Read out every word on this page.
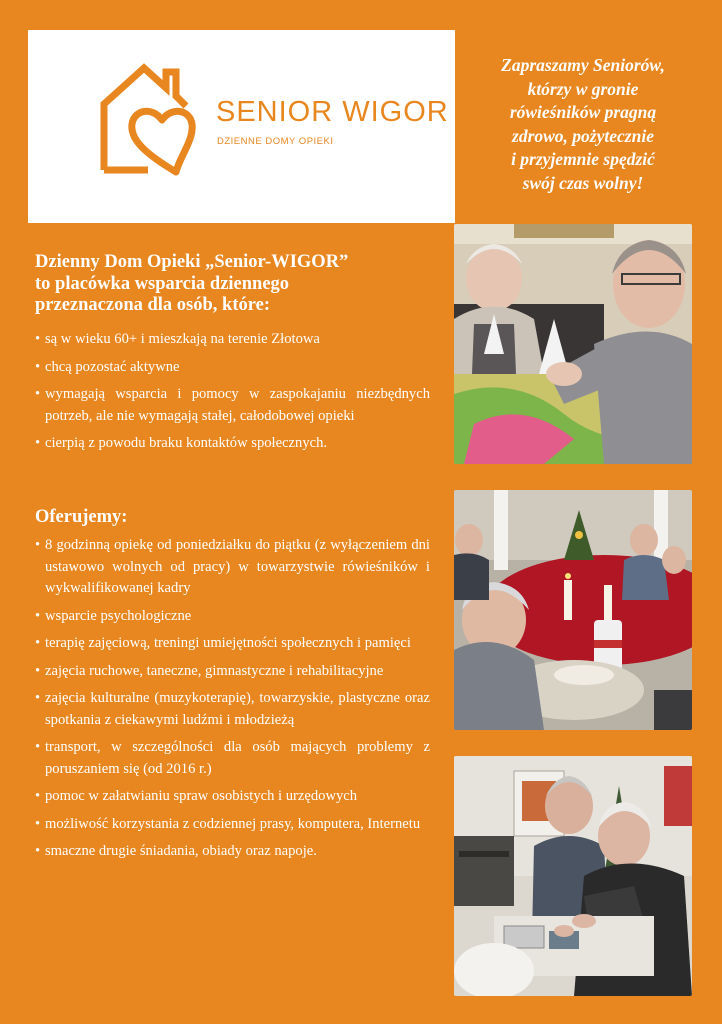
SENIOR WIGOR
DZIENNE DOMY OPIEKI
Zapraszamy Seniorów,
którzy w gronie
rówieśników pragną
zdrowo, pożytecznie
i przyjemnie spędzić
swój czas wolny!
Dzienny Dom Opieki „Senior-WIGOR”
to placówka wsparcia dziennego
przeznaczona dla osób, które:
• są w wieku 60+ i mieszkają na terenie Złotowa
• chcą pozostać aktywne
• wymagają wsparcia i pomocy w zaspokajaniu niezbędnych potrzeb, ale nie wymagają stałej, całodobowej opieki
• cierpią z powodu braku kontaktów społecznych.
Oferujemy:
• 8 godzinną opiekę od poniedziałku do piątku (z wyłączeniem dni ustawowo wolnych od pracy) w towarzystwie rówieśników i wykwalifikowanej kadry
• wsparcie psychologiczne
• terapię zajęciową, treningi umiejętności społecznych i pamięci
• zajęcia ruchowe, taneczne, gimnastyczne i rehabilitacyjne
• zajęcia kulturalne (muzykoterapię), towarzyskie, plastyczne oraz spotkania z ciekawymi ludźmi i młodzieżą
• transport, w szczególności dla osób mających problemy z poruszaniem się (od 2016 r.)
• pomoc w załatwianiu spraw osobistych i urzędowych
• możliwość korzystania z codziennej prasy, komputera, Internetu
• smaczne drugie śniadania, obiady oraz napoje.
